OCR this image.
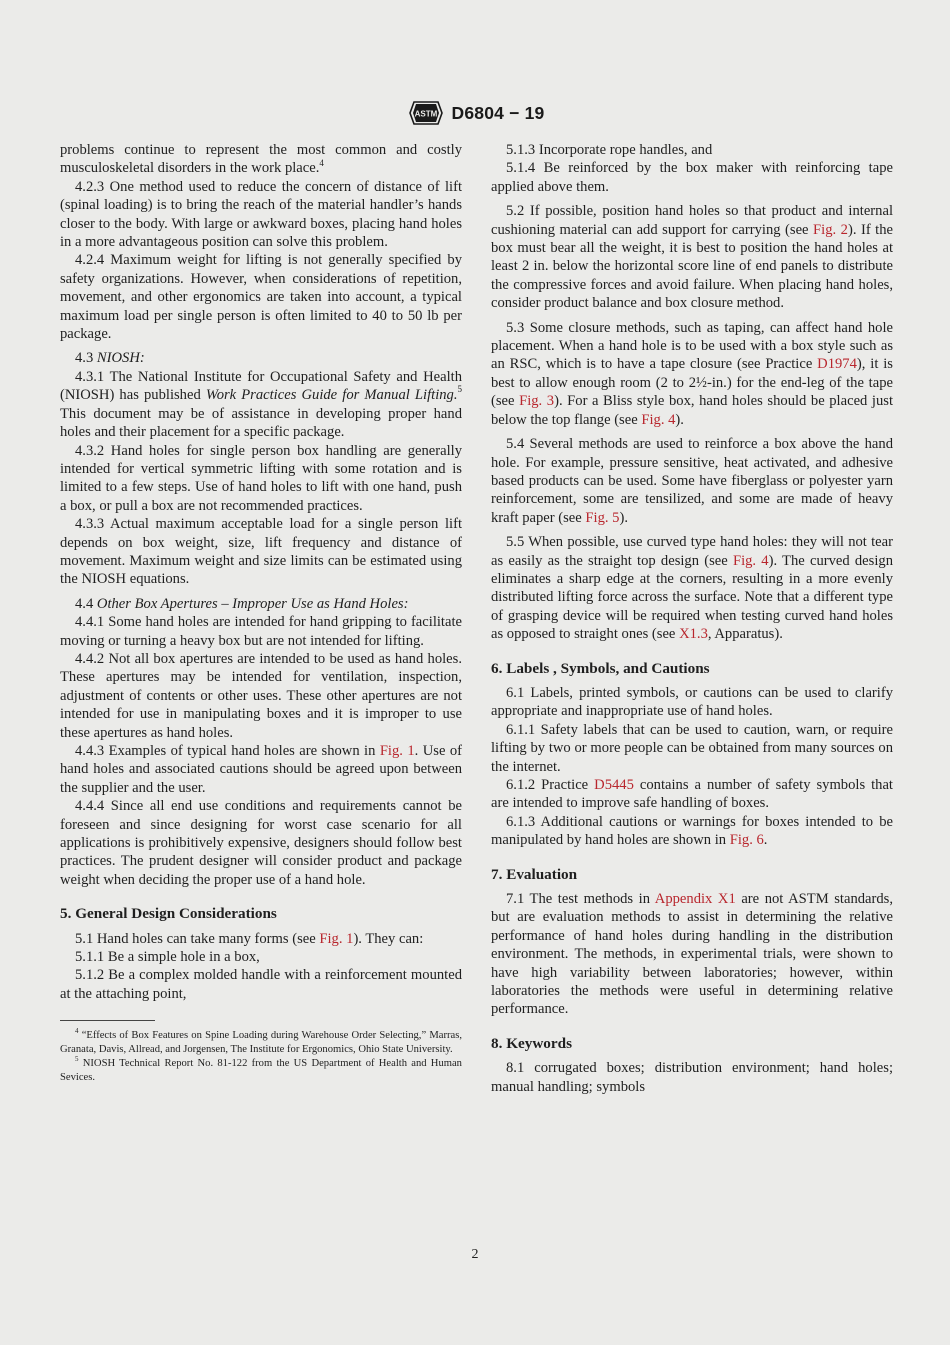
ASTM D6804 − 19

problems continue to represent the most common and costly musculoskeletal disorders in the work place.$^4$

4.2.3 One method used to reduce the concern of distance of lift (spinal loading) is to bring the reach of the material handler’s hands closer to the body. With large or awkward boxes, placing hand holes in a more advantageous position can solve this problem.

4.2.4 Maximum weight for lifting is not generally specified by safety organizations. However, when considerations of repetition, movement, and other ergonomics are taken into account, a typical maximum load per single person is often limited to 40 to 50 lb per package.

4.3 NIOSH:

4.3.1 The National Institute for Occupational Safety and Health (NIOSH) has published Work Practices Guide for Manual Lifting.$^5$ This document may be of assistance in developing proper hand holes and their placement for a specific package.

4.3.2 Hand holes for single person box handling are generally intended for vertical symmetric lifting with some rotation and is limited to a few steps. Use of hand holes to lift with one hand, push a box, or pull a box are not recommended practices.

4.3.3 Actual maximum acceptable load for a single person lift depends on box weight, size, lift frequency and distance of movement. Maximum weight and size limits can be estimated using the NIOSH equations.

4.4 Other Box Apertures – Improper Use as Hand Holes:

4.4.1 Some hand holes are intended for hand gripping to facilitate moving or turning a heavy box but are not intended for lifting.

4.4.2 Not all box apertures are intended to be used as hand holes. These apertures may be intended for ventilation, inspection, adjustment of contents or other uses. These other apertures are not intended for use in manipulating boxes and it is improper to use these apertures as hand holes.

4.4.3 Examples of typical hand holes are shown in Fig. 1. Use of hand holes and associated cautions should be agreed upon between the supplier and the user.

4.4.4 Since all end use conditions and requirements cannot be foreseen and since designing for worst case scenario for all applications is prohibitively expensive, designers should follow best practices. The prudent designer will consider product and package weight when deciding the proper use of a hand hole.

5. General Design Considerations

5.1 Hand holes can take many forms (see Fig. 1). They can:

5.1.1 Be a simple hole in a box,

5.1.2 Be a complex molded handle with a reinforcement mounted at the attaching point,

$^4$ “Effects of Box Features on Spine Loading during Warehouse Order Selecting,” Marras, Granata, Davis, Allread, and Jorgensen, The Institute for Ergonomics, Ohio State University.

$^5$ NIOSH Technical Report No. 81-122 from the US Department of Health and Human Sevices.

5.1.3 Incorporate rope handles, and

5.1.4 Be reinforced by the box maker with reinforcing tape applied above them.

5.2 If possible, position hand holes so that product and internal cushioning material can add support for carrying (see Fig. 2). If the box must bear all the weight, it is best to position the hand holes at least 2 in. below the horizontal score line of end panels to distribute the compressive forces and avoid failure. When placing hand holes, consider product balance and box closure method.

5.3 Some closure methods, such as taping, can affect hand hole placement. When a hand hole is to be used with a box style such as an RSC, which is to have a tape closure (see Practice D1974), it is best to allow enough room (2 to 2½-in.) for the end-leg of the tape (see Fig. 3). For a Bliss style box, hand holes should be placed just below the top flange (see Fig. 4).

5.4 Several methods are used to reinforce a box above the hand hole. For example, pressure sensitive, heat activated, and adhesive based products can be used. Some have fiberglass or polyester yarn reinforcement, some are tensilized, and some are made of heavy kraft paper (see Fig. 5).

5.5 When possible, use curved type hand holes: they will not tear as easily as the straight top design (see Fig. 4). The curved design eliminates a sharp edge at the corners, resulting in a more evenly distributed lifting force across the surface. Note that a different type of grasping device will be required when testing curved hand holes as opposed to straight ones (see X1.3, Apparatus).

6. Labels , Symbols, and Cautions

6.1 Labels, printed symbols, or cautions can be used to clarify appropriate and inappropriate use of hand holes.

6.1.1 Safety labels that can be used to caution, warn, or require lifting by two or more people can be obtained from many sources on the internet.

6.1.2 Practice D5445 contains a number of safety symbols that are intended to improve safe handling of boxes.

6.1.3 Additional cautions or warnings for boxes intended to be manipulated by hand holes are shown in Fig. 6.

7. Evaluation

7.1 The test methods in Appendix X1 are not ASTM standards, but are evaluation methods to assist in determining the relative performance of hand holes during handling in the distribution environment. The methods, in experimental trials, were shown to have high variability between laboratories; however, within laboratories the methods were useful in determining relative performance.

8. Keywords

8.1 corrugated boxes; distribution environment; hand holes; manual handling; symbols

2
